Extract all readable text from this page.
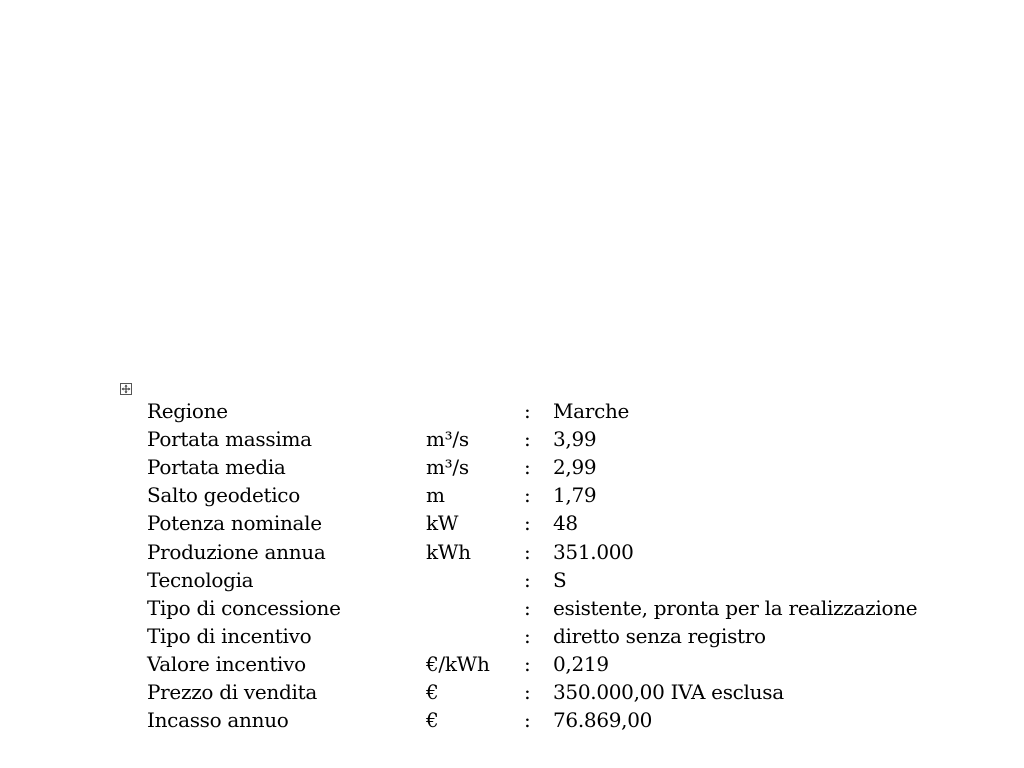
Regione		:	Marche
Portata massima	m³/s	:	3,99
Portata media	m³/s	:	2,99
Salto geodetico	m	:	1,79
Potenza nominale	kW	:	48
Produzione annua	kWh	:	351.000
Tecnologia		:	S
Tipo di concessione		:	esistente, pronta per la realizzazione
Tipo di incentivo		:	diretto senza registro
Valore incentivo	€/kWh	:	0,219
Prezzo di vendita	€	:	350.000,00 IVA esclusa
Incasso annuo	€	:	76.869,00
